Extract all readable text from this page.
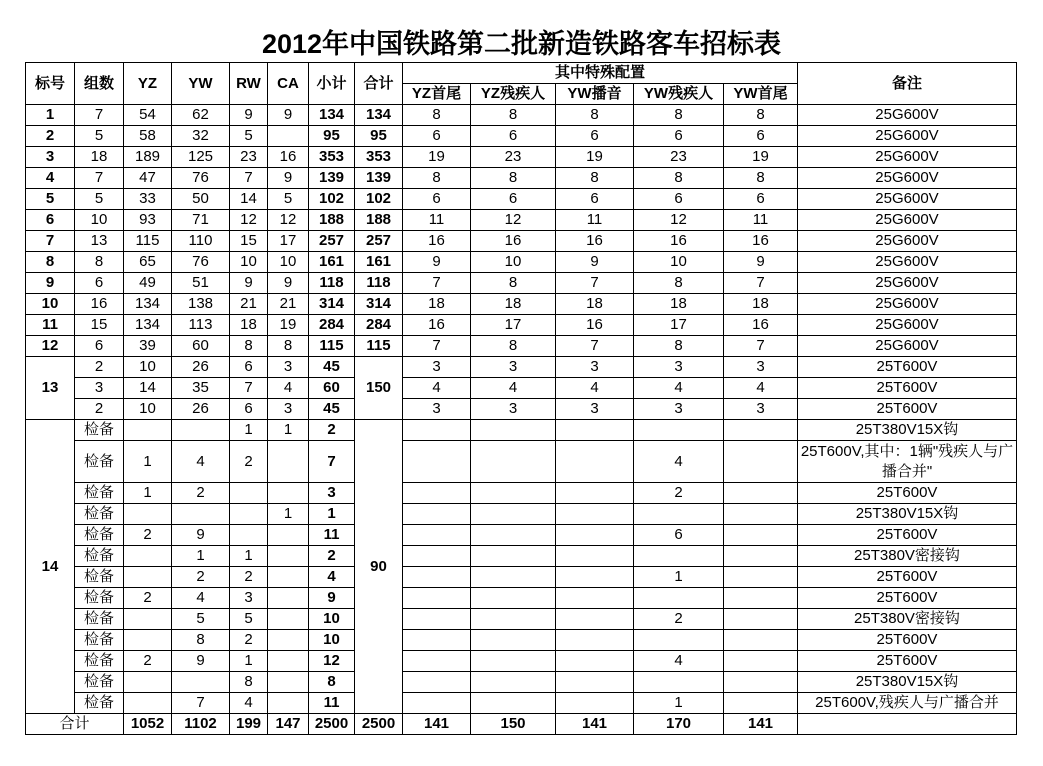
2012年中国铁路第二批新造铁路客车招标表
标号	组数	YZ	YW	RW	CA	小计	合计	其中特殊配置					备注
								YZ首尾	YZ残疾人	YW播音	YW残疾人	YW首尾	
1	7	54	62	9	9	134	134	8	8	8	8	8	25G600V
2	5	58	32	5		95	95	6	6	6	6	6	25G600V
3	18	189	125	23	16	353	353	19	23	19	23	19	25G600V
4	7	47	76	7	9	139	139	8	8	8	8	8	25G600V
5	5	33	50	14	5	102	102	6	6	6	6	6	25G600V
6	10	93	71	12	12	188	188	11	12	11	12	11	25G600V
7	13	115	110	15	17	257	257	16	16	16	16	16	25G600V
8	8	65	76	10	10	161	161	9	10	9	10	9	25G600V
9	6	49	51	9	9	118	118	7	8	7	8	7	25G600V
10	16	134	138	21	21	314	314	18	18	18	18	18	25G600V
11	15	134	113	18	19	284	284	16	17	16	17	16	25G600V
12	6	39	60	8	8	115	115	7	8	7	8	7	25G600V
13	2	10	26	6	3	45	150	3	3	3	3	3	25T600V
	3	14	35	7	4	60		4	4	4	4	4	25T600V
	2	10	26	6	3	45		3	3	3	3	3	25T600V
14	检备			1	1	2	90						25T380V15X钩
	检备	1	4	2		7					4		25T600V,其中：1辆"残疾人与广播合并"
	检备	1	2			3					2		25T600V
	检备				1	1							25T380V15X钩
	检备	2	9			11					6		25T600V
	检备		1	1		2							25T380V密接钩
	检备		2	2		4					1		25T600V
	检备	2	4	3		9							25T600V
	检备		5	5		10					2		25T380V密接钩
	检备		8	2		10							25T600V
	检备	2	9	1		12					4		25T600V
	检备			8		8							25T380V15X钩
	检备		7	4		11					1		25T600V,残疾人与广播合并
合计		1052	1102	199	147	2500	2500	141	150	141	170	141	
